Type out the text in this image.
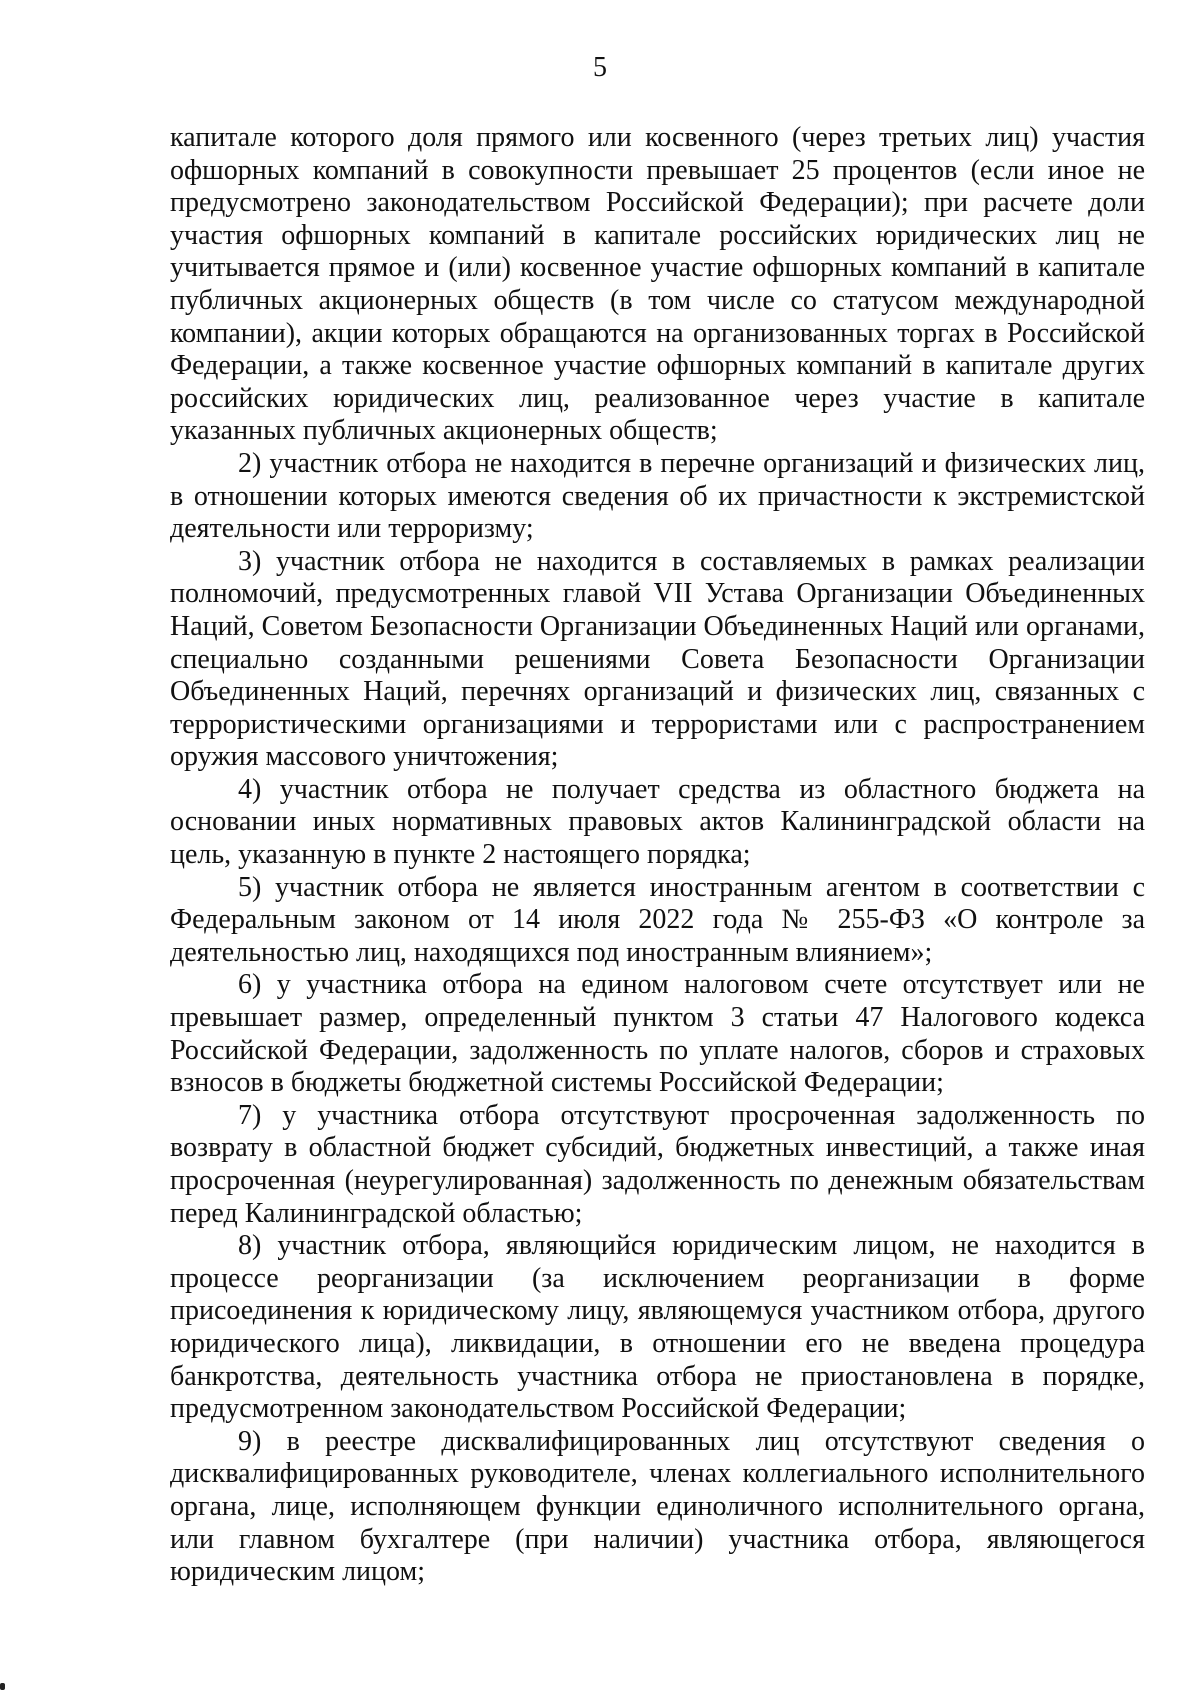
5

капитале которого доля прямого или косвенного (через третьих лиц) участия офшорных компаний в совокупности превышает 25 процентов (если иное не предусмотрено законодательством Российской Федерации); при расчете доли участия офшорных компаний в капитале российских юридических лиц не учитывается прямое и (или) косвенное участие офшорных компаний в капитале публичных акционерных обществ (в том числе со статусом международной компании), акции которых обращаются на организованных торгах в Российской Федерации, а также косвенное участие офшорных компаний в капитале других российских юридических лиц, реализованное через участие в капитале указанных публичных акционерных обществ;

2) участник отбора не находится в перечне организаций и физических лиц, в отношении которых имеются сведения об их причастности к экстремистской деятельности или терроризму;

3) участник отбора не находится в составляемых в рамках реализации полномочий, предусмотренных главой VII Устава Организации Объединенных Наций, Советом Безопасности Организации Объединенных Наций или органами, специально созданными решениями Совета Безопасности Организации Объединенных Наций, перечнях организаций и физических лиц, связанных с террористическими организациями и террористами или с распространением оружия массового уничтожения;

4) участник отбора не получает средства из областного бюджета на основании иных нормативных правовых актов Калининградской области на цель, указанную в пункте 2 настоящего порядка;

5) участник отбора не является иностранным агентом в соответствии с Федеральным законом от 14 июля 2022 года № 255-ФЗ «О контроле за деятельностью лиц, находящихся под иностранным влиянием»;

6) у участника отбора на едином налоговом счете отсутствует или не превышает размер, определенный пунктом 3 статьи 47 Налогового кодекса Российской Федерации, задолженность по уплате налогов, сборов и страховых взносов в бюджеты бюджетной системы Российской Федерации;

7) у участника отбора отсутствуют просроченная задолженность по возврату в областной бюджет субсидий, бюджетных инвестиций, а также иная просроченная (неурегулированная) задолженность по денежным обязательствам перед Калининградской областью;

8) участник отбора, являющийся юридическим лицом, не находится в процессе реорганизации (за исключением реорганизации в форме присоединения к юридическому лицу, являющемуся участником отбора, другого юридического лица), ликвидации, в отношении его не введена процедура банкротства, деятельность участника отбора не приостановлена в порядке, предусмотренном законодательством Российской Федерации;

9) в реестре дисквалифицированных лиц отсутствуют сведения о дисквалифицированных руководителе, членах коллегиального исполнительного органа, лице, исполняющем функции единоличного исполнительного органа, или главном бухгалтере (при наличии) участника отбора, являющегося юридическим лицом;
